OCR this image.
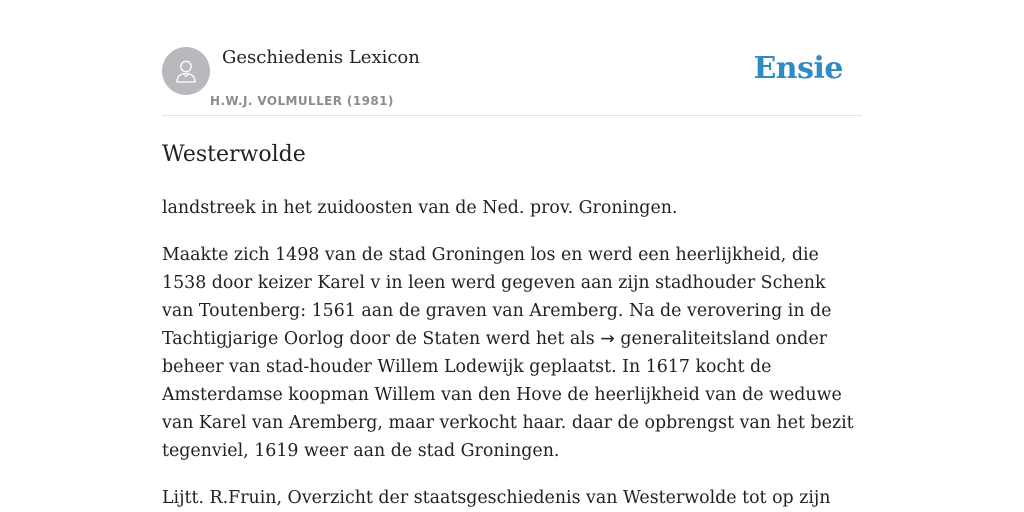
Geschiedenis Lexicon
H.W.J. VOLMULLER (1981)
Ensie
Westerwolde

landstreek in het zuidoosten van de Ned. prov. Groningen.

Maakte zich 1498 van de stad Groningen los en werd een heerlijkheid, die 1538 door keizer Karel v in leen werd gegeven aan zijn stadhouder Schenk van Toutenberg: 1561 aan de graven van Aremberg. Na de verovering in de Tachtigjarige Oorlog door de Staten werd het als → generaliteitsland onder beheer van stad-houder Willem Lodewijk geplaatst. In 1617 kocht de Amsterdamse koopman Willem van den Hove de heerlijkheid van de weduwe van Karel van Aremberg, maar verkocht haar. daar de opbrengst van het bezit tegenviel, 1619 weer aan de stad Groningen.

Lijtt. R.Fruin, Overzicht der staatsgeschiedenis van Westerwolde tot op zijn
